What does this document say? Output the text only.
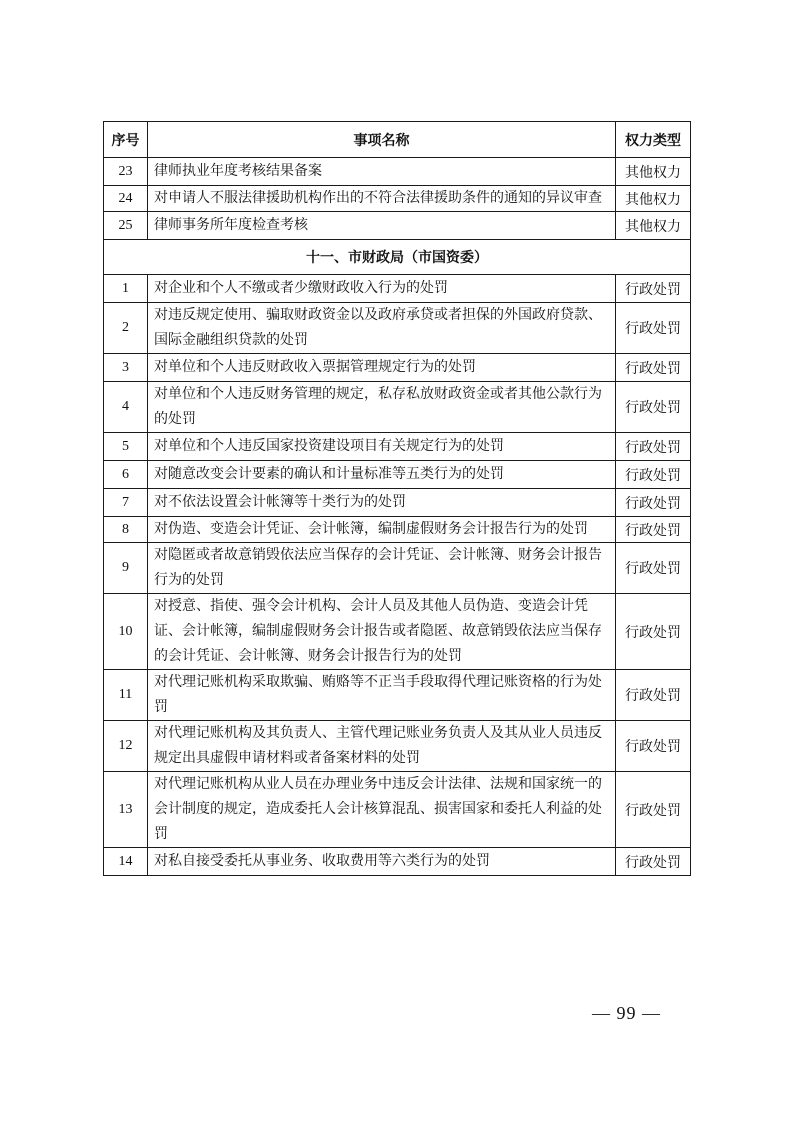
序号	事项名称	权力类型
23	律师执业年度考核结果备案	其他权力
24	对申请人不服法律援助机构作出的不符合法律援助条件的通知的异议审查	其他权力
25	律师事务所年度检查考核	其他权力
十一、市财政局（市国资委）		
1	对企业和个人不缴或者少缴财政收入行为的处罚	行政处罚
2	对违反规定使用、骗取财政资金以及政府承贷或者担保的外国政府贷款、国际金融组织贷款的处罚	行政处罚
3	对单位和个人违反财政收入票据管理规定行为的处罚	行政处罚
4	对单位和个人违反财务管理的规定，私存私放财政资金或者其他公款行为的处罚	行政处罚
5	对单位和个人违反国家投资建设项目有关规定行为的处罚	行政处罚
6	对随意改变会计要素的确认和计量标准等五类行为的处罚	行政处罚
7	对不依法设置会计帐簿等十类行为的处罚	行政处罚
8	对伪造、变造会计凭证、会计帐簿，编制虚假财务会计报告行为的处罚	行政处罚
9	对隐匿或者故意销毁依法应当保存的会计凭证、会计帐簿、财务会计报告行为的处罚	行政处罚
10	对授意、指使、强令会计机构、会计人员及其他人员伪造、变造会计凭证、会计帐簿，编制虚假财务会计报告或者隐匿、故意销毁依法应当保存的会计凭证、会计帐簿、财务会计报告行为的处罚	行政处罚
11	对代理记账机构采取欺骗、贿赂等不正当手段取得代理记账资格的行为处罚	行政处罚
12	对代理记账机构及其负责人、主管代理记账业务负责人及其从业人员违反规定出具虚假申请材料或者备案材料的处罚	行政处罚
13	对代理记账机构从业人员在办理业务中违反会计法律、法规和国家统一的会计制度的规定，造成委托人会计核算混乱、损害国家和委托人利益的处罚	行政处罚
14	对私自接受委托从事业务、收取费用等六类行为的处罚	行政处罚
— 99 —
